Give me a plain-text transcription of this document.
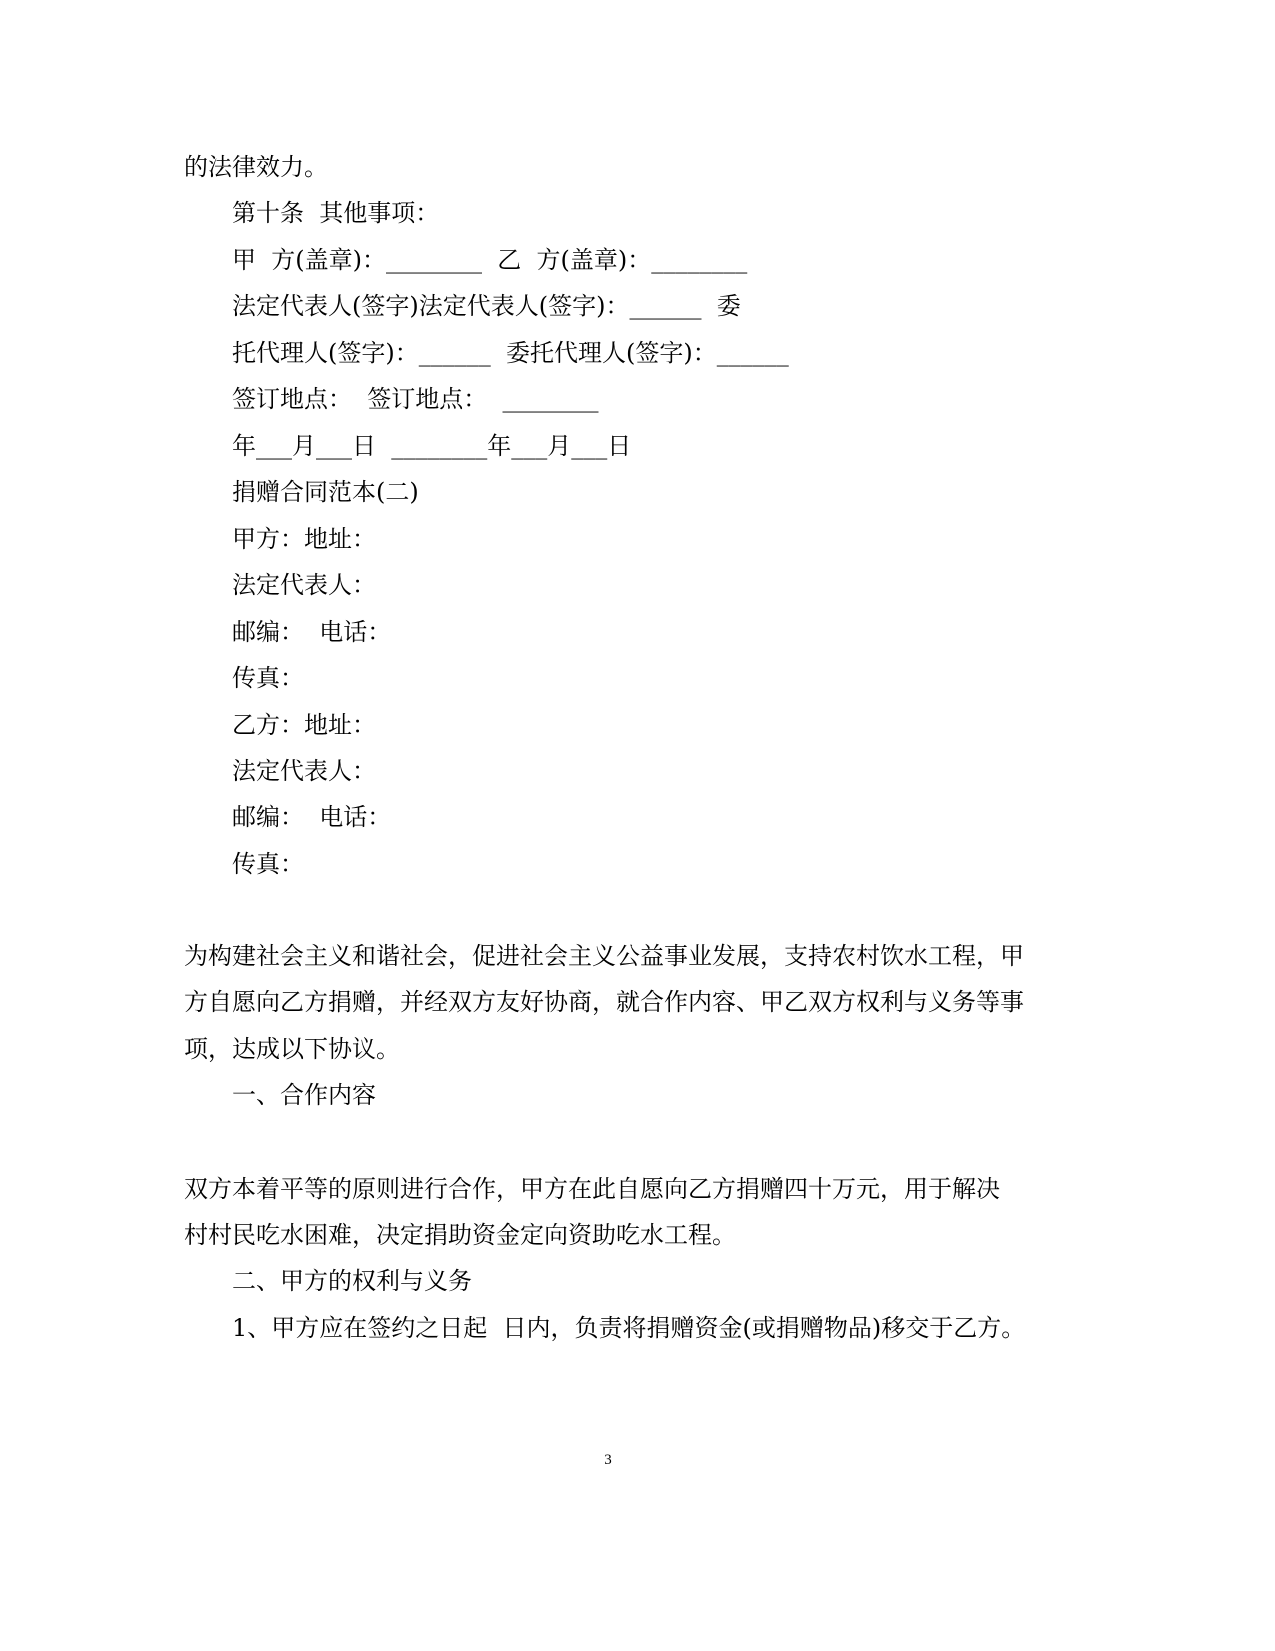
的法律效力。
第十条  其他事项：
甲  方(盖章)：________  乙  方(盖章)：________
法定代表人(签字)法定代表人(签字)：______  委
托代理人(签字)：______  委托代理人(签字)：______
签订地点：  签订地点：  ________
年___月___日  ________年___月___日
捐赠合同范本(二)
甲方：地址：
法定代表人：
邮编：  电话：
传真：
乙方：地址：
法定代表人：
邮编：  电话：
传真：
为构建社会主义和谐社会，促进社会主义公益事业发展，支持农村饮水工程，甲
方自愿向乙方捐赠，并经双方友好协商，就合作内容、甲乙双方权利与义务等事
项，达成以下协议。
一、合作内容
双方本着平等的原则进行合作，甲方在此自愿向乙方捐赠四十万元，用于解决
村村民吃水困难，决定捐助资金定向资助吃水工程。
二、甲方的权利与义务
1、甲方应在签约之日起  日内，负责将捐赠资金(或捐赠物品)移交于乙方。
3
